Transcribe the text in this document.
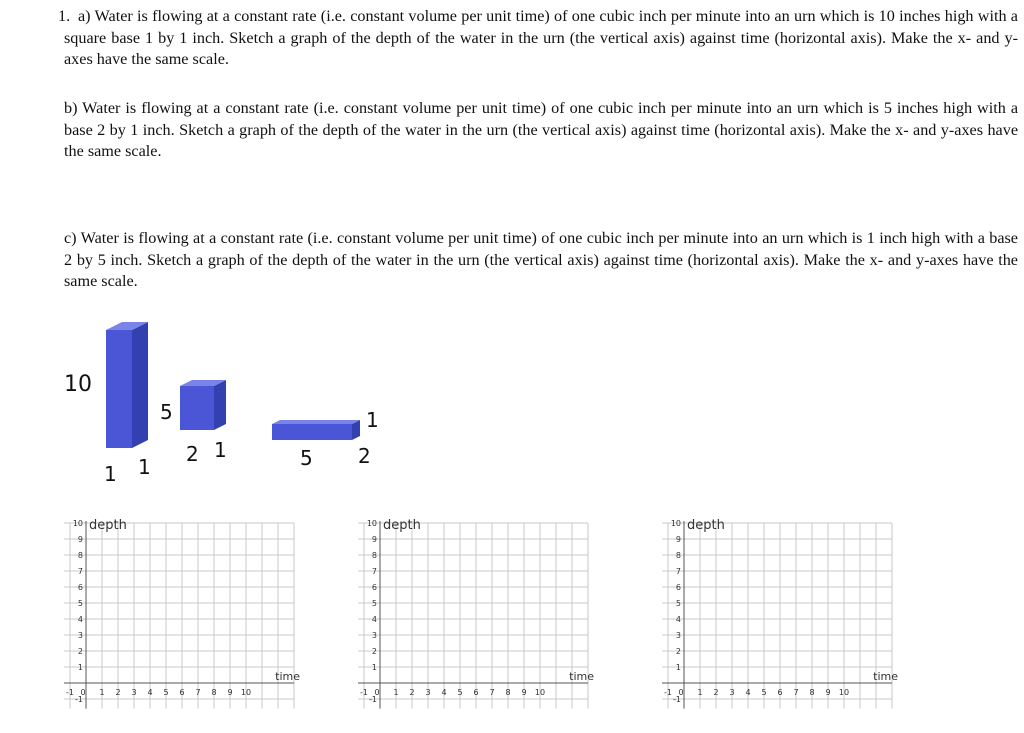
1. a) Water is flowing at a constant rate (i.e. constant volume per unit time) of one cubic inch per minute into an urn which is 10 inches high with a square base 1 by 1 inch. Sketch a graph of the depth of the water in the urn (the vertical axis) against time (horizontal axis). Make the x- and y-axes have the same scale.
b) Water is flowing at a constant rate (i.e. constant volume per unit time) of one cubic inch per minute into an urn which is 5 inches high with a base 2 by 1 inch. Sketch a graph of the depth of the water in the urn (the vertical axis) against time (horizontal axis). Make the x- and y-axes have the same scale.
c) Water is flowing at a constant rate (i.e. constant volume per unit time) of one cubic inch per minute into an urn which is 1 inch high with a base 2 by 5 inch. Sketch a graph of the depth of the water in the urn (the vertical axis) against time (horizontal axis). Make the x- and y-axes have the same scale.
10
1 1
5
2 1
1
5 2
10
9
8
7
6
5
4
3
2
1
-1
-1 0 1 2 3 4 5 6 7 8 9 10
depth
time
10
9
8
7
6
5
4
3
2
1
-1
-1 0 1 2 3 4 5 6 7 8 9 10
depth
time
10
9
8
7
6
5
4
3
2
1
-1
-1 0 1 2 3 4 5 6 7 8 9 10
depth
time
